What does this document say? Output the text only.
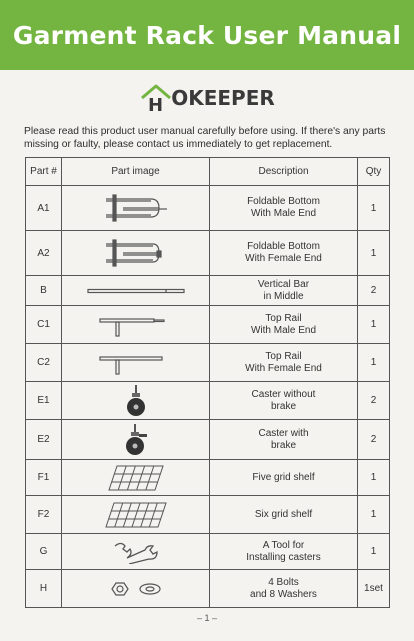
Garment Rack User Manual
H OKEEPER
Please read this product user manual carefully before using. If there's any parts missing or faulty, please contact us immediately to get replacement.
Part #	Part image	Description	Qty
A1		Foldable Bottom
With Male End	1
A2		Foldable Bottom
With Female End	1
B		Vertical Bar
in Middle	2
C1		Top Rail
With Male End	1
C2		Top Rail
With Female End	1
E1		Caster without
brake	2
E2		Caster with
brake	2
F1		Five grid shelf	1
F2		Six grid shelf	1
G		A Tool for
Installing casters	1
H		4 Bolts
and 8 Washers	1set
– 1 –
